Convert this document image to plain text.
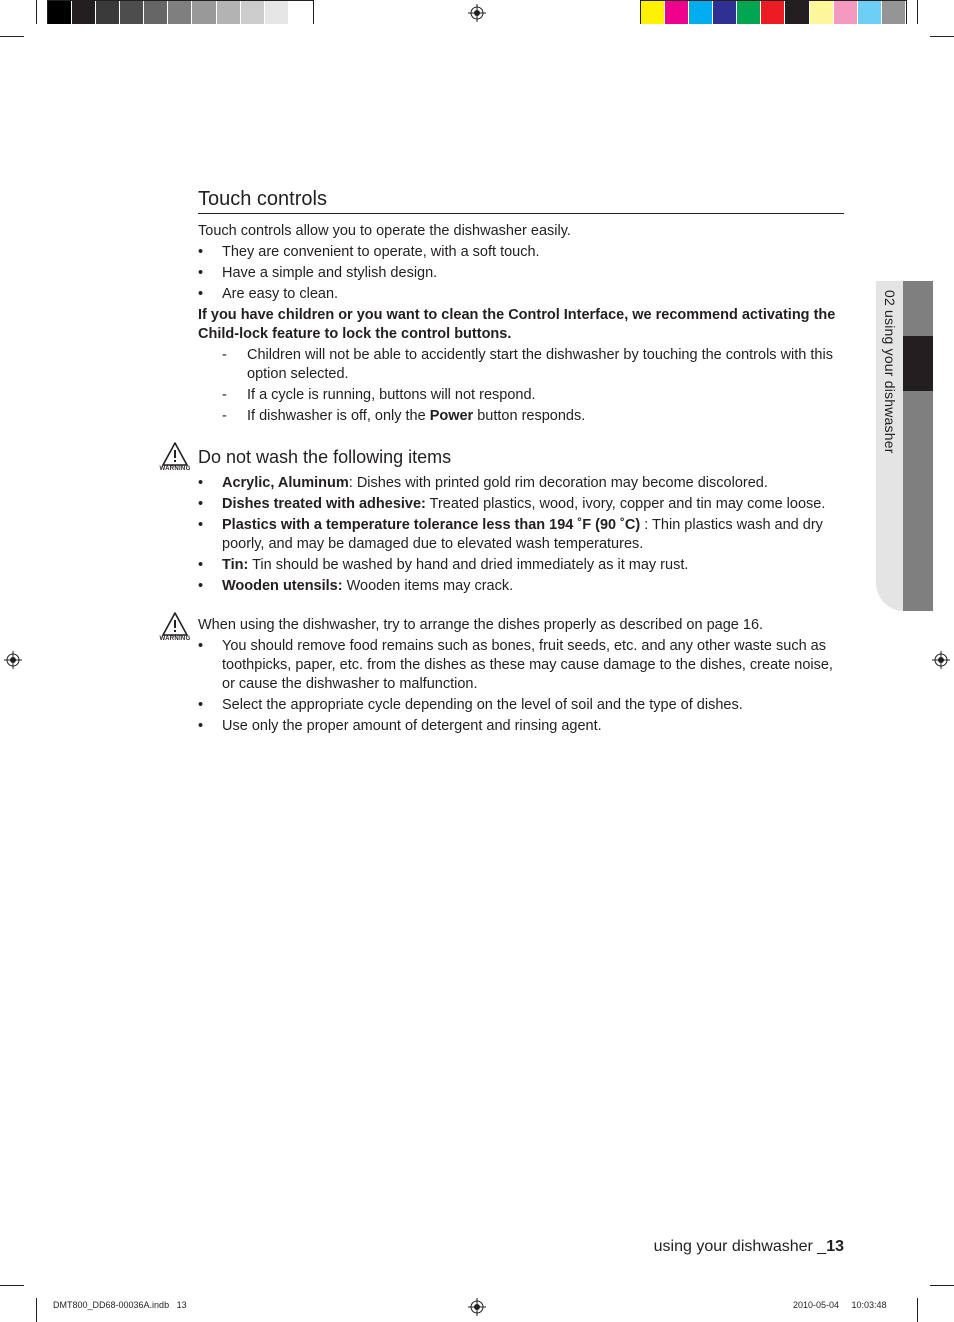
02 using your dishwasher
Touch controls

Touch controls allow you to operate the dishwasher easily.

• They are convenient to operate, with a soft touch.
• Have a simple and stylish design.
• Are easy to clean.

If you have children or you want to clean the Control Interface, we recommend activating the Child-lock feature to lock the control buttons.

- Children will not be able to accidently start the dishwasher by touching the controls with this option selected.
- If a cycle is running, buttons will not respond.
- If dishwasher is off, only the Power button responds.
WARNING
Do not wash the following items
• Acrylic, Aluminum: Dishes with printed gold rim decoration may become discolored.
• Dishes treated with adhesive: Treated plastics, wood, ivory, copper and tin may come loose.
• Plastics with a temperature tolerance less than 194 ˚F (90 ˚C) : Thin plastics wash and dry poorly, and may be damaged due to elevated wash temperatures.
• Tin: Tin should be washed by hand and dried immediately as it may rust.
• Wooden utensils: Wooden items may crack.
WARNING
When using the dishwasher, try to arrange the dishes properly as described on page 16.
• You should remove food remains such as bones, fruit seeds, etc. and any other waste such as toothpicks, paper, etc. from the dishes as these may cause damage to the dishes, create noise, or cause the dishwasher to malfunction.
• Select the appropriate cycle depending on the level of soil and the type of dishes.
• Use only the proper amount of detergent and rinsing agent.
using your dishwasher _13
DMT800_DD68-00036A.indb   13	2010-05-04     10:03:48
